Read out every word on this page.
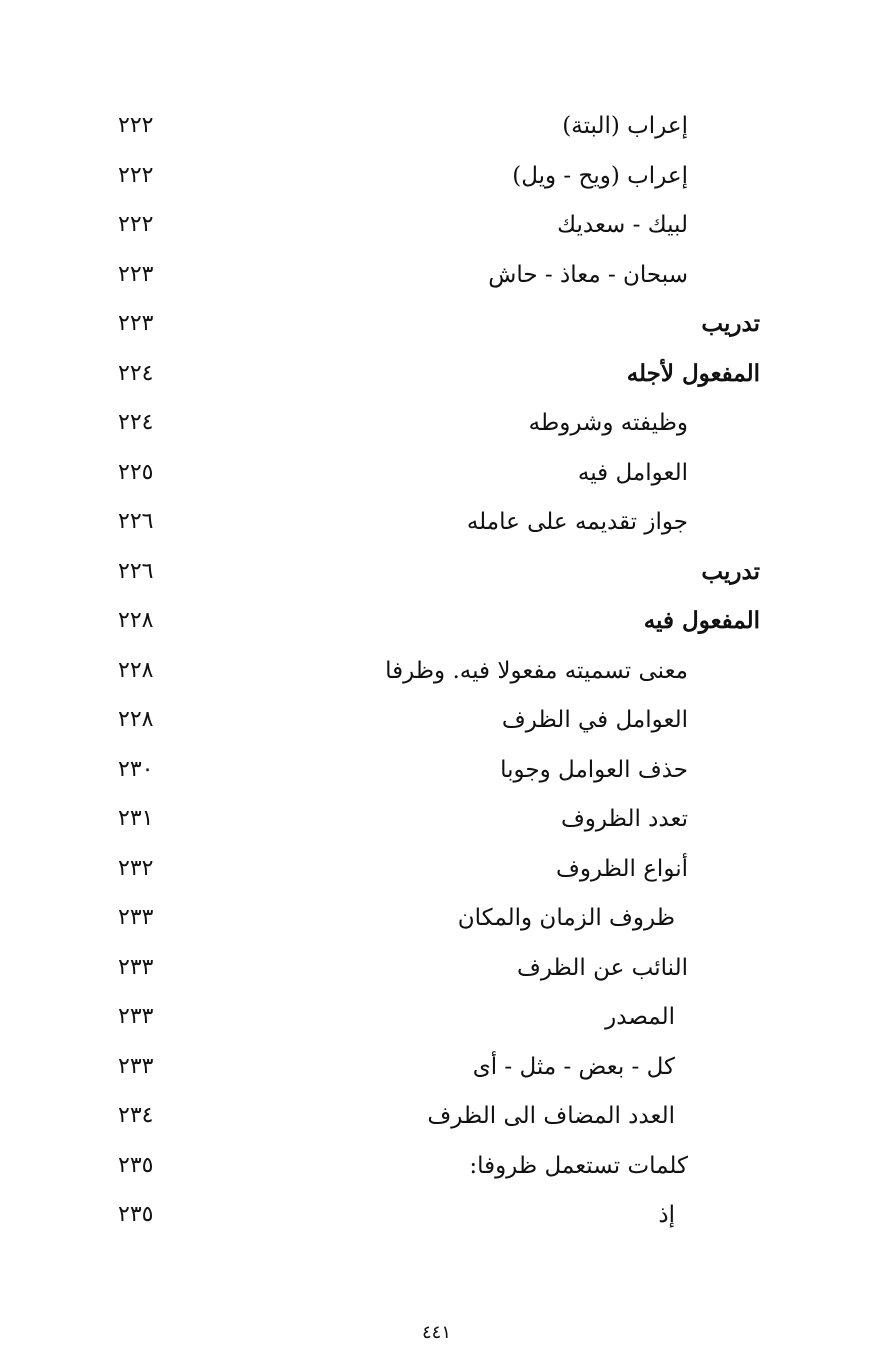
إعراب (البتة)
٢٢٢
إعراب (ويح - ويل)
٢٢٢
لبيك - سعديك
٢٢٢
سبحان - معاذ - حاش
٢٢٣
تدريب
٢٢٣
المفعول لأجله
٢٢٤
وظيفته وشروطه
٢٢٤
العوامل فيه
٢٢٥
جواز تقديمه على عامله
٢٢٦
تدريب
٢٢٦
المفعول فيه
٢٢٨
معنى تسميته مفعولا فيه. وظرفا
٢٢٨
العوامل في الظرف
٢٢٨
حذف العوامل وجوبا
٢٣٠
تعدد الظروف
٢٣١
أنواع الظروف
٢٣٢
ظروف الزمان والمكان
٢٣٣
النائب عن الظرف
٢٣٣
المصدر
٢٣٣
كل - بعض - مثل - أى
٢٣٣
العدد المضاف الى الظرف
٢٣٤
كلمات تستعمل ظروفا:
٢٣٥
إذ
٢٣٥
٤٤١
